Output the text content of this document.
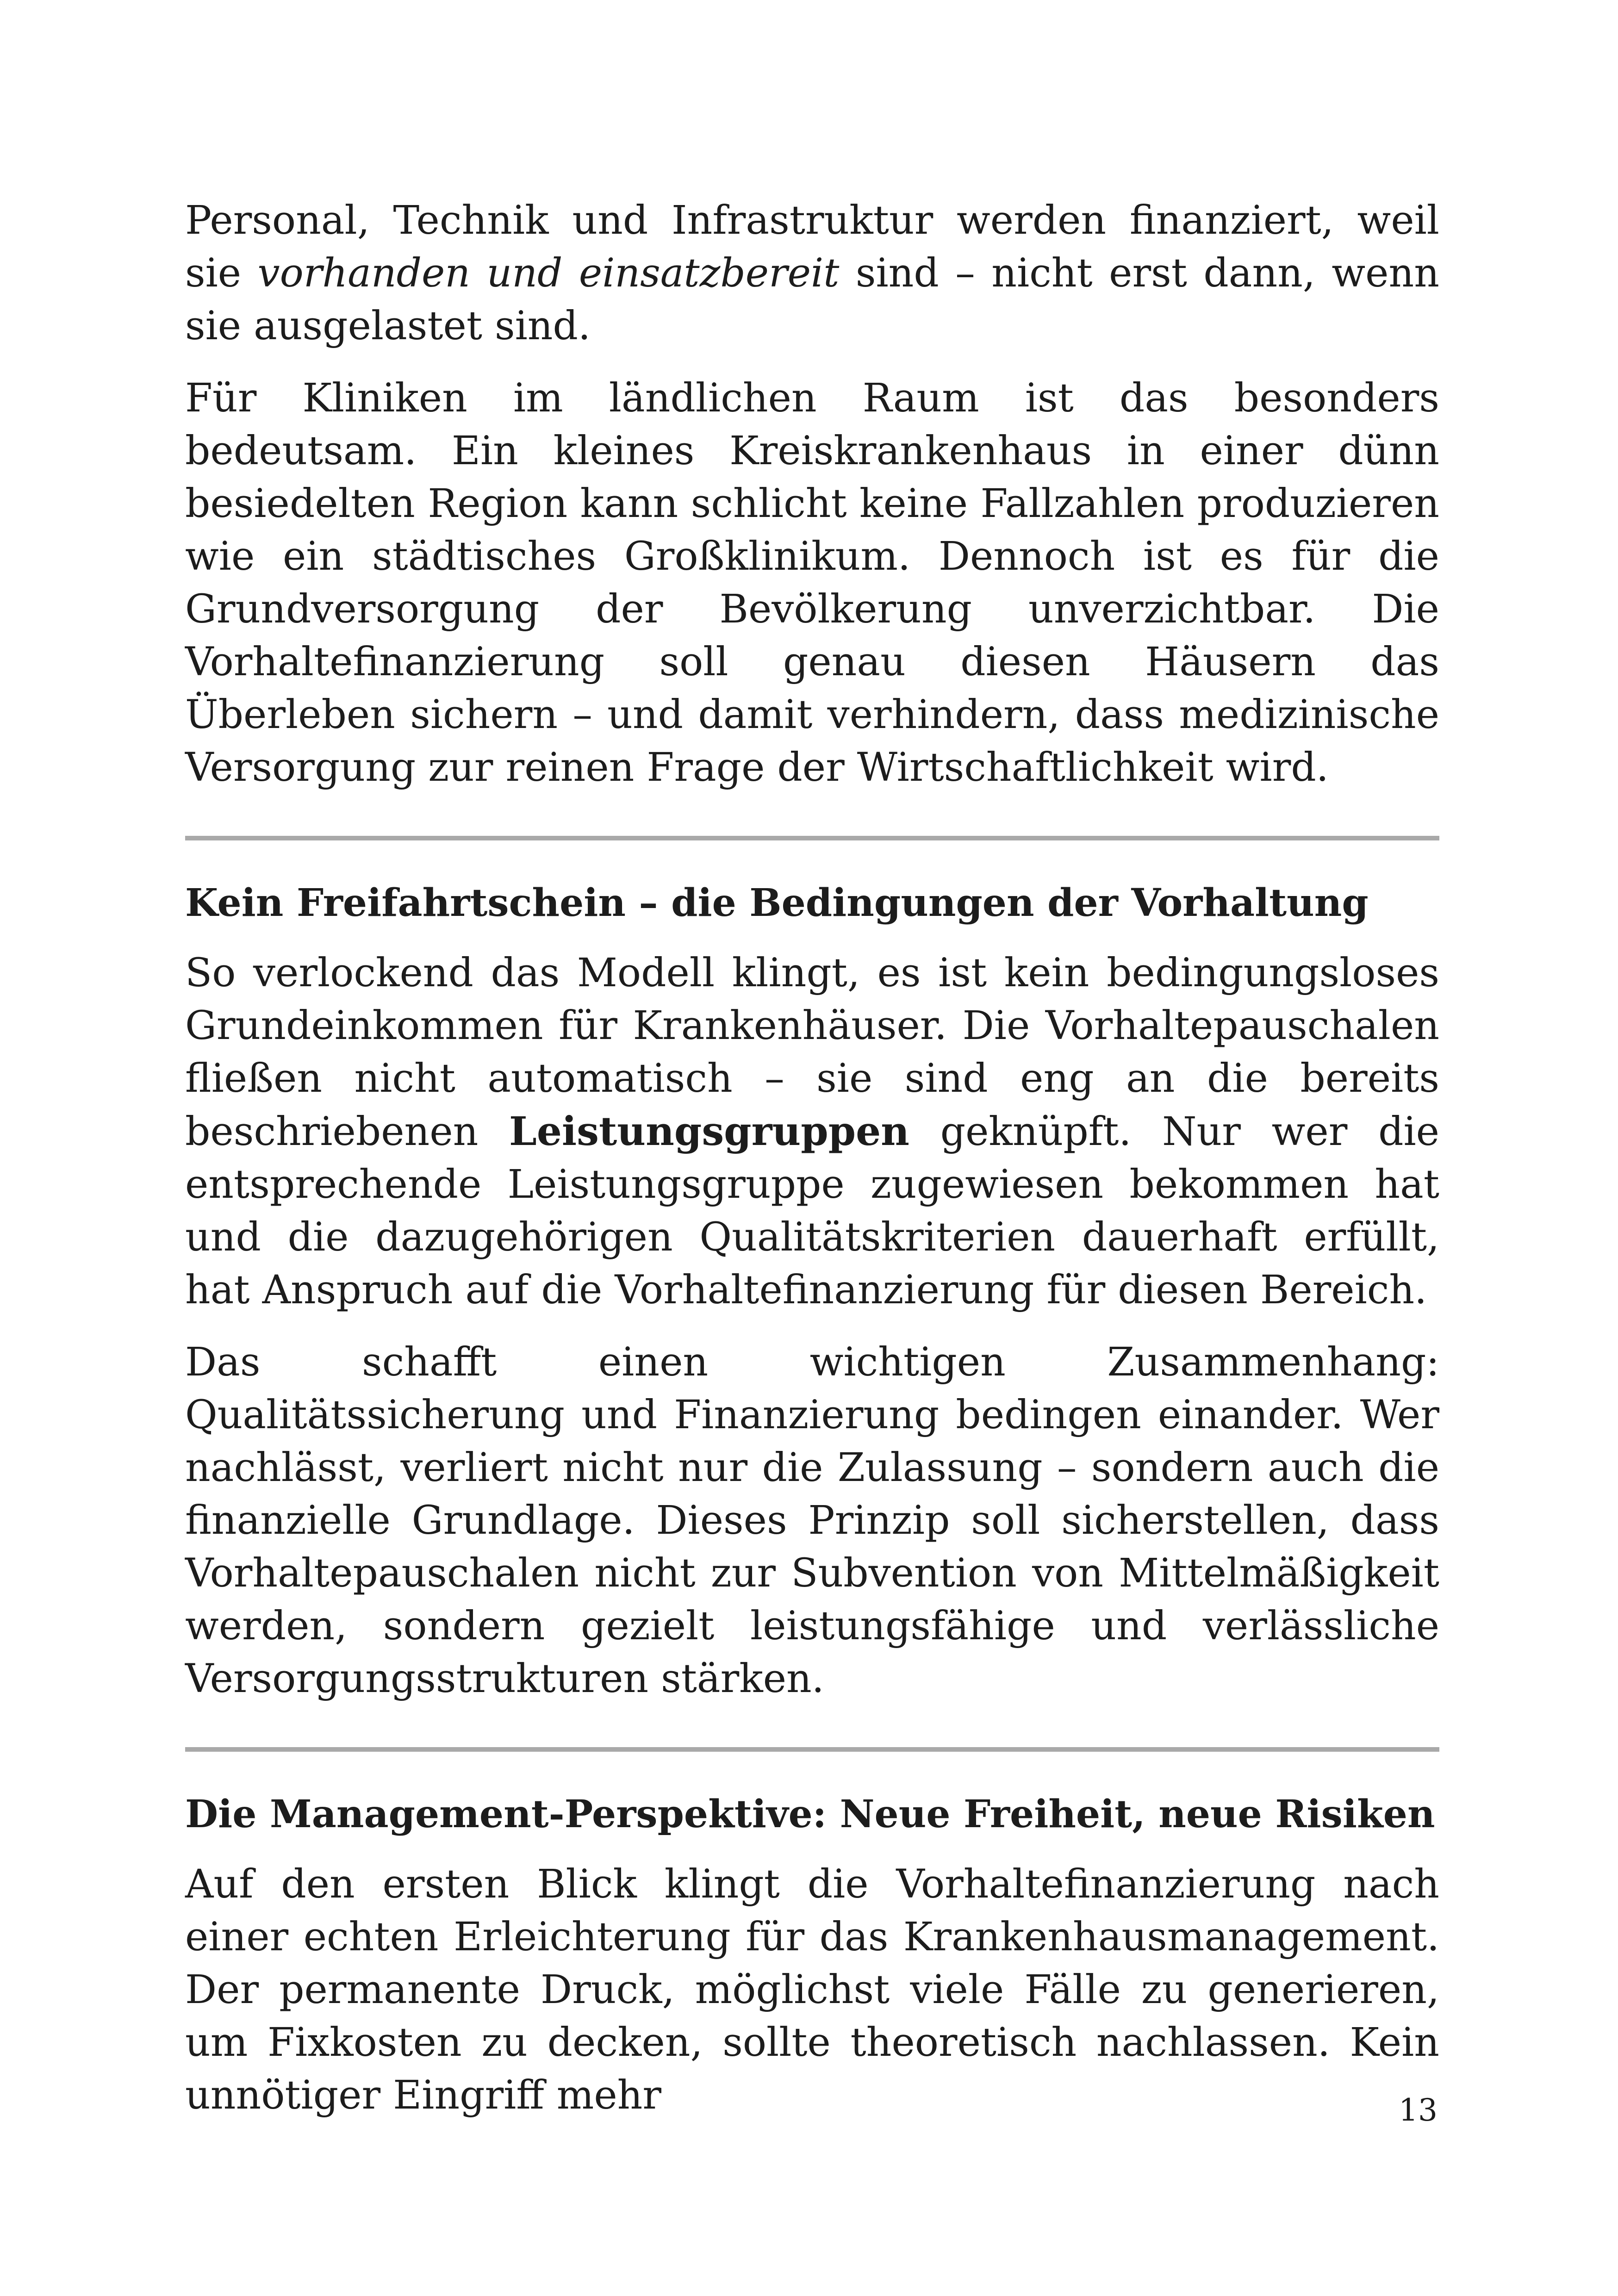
Personal, Technik und Infrastruktur werden finanziert, weil sie vorhanden und einsatzbereit sind – nicht erst dann, wenn sie ausgelastet sind.

Für Kliniken im ländlichen Raum ist das besonders bedeutsam. Ein kleines Kreiskrankenhaus in einer dünn besiedelten Region kann schlicht keine Fallzahlen produzieren wie ein städtisches Großklinikum. Dennoch ist es für die Grundversorgung der Bevölkerung unverzichtbar. Die Vorhaltefinanzierung soll genau diesen Häusern das Überleben sichern – und damit verhindern, dass medizinische Versorgung zur reinen Frage der Wirtschaftlichkeit wird.

Kein Freifahrtschein – die Bedingungen der Vorhaltung

So verlockend das Modell klingt, es ist kein bedingungsloses Grundeinkommen für Krankenhäuser. Die Vorhaltepauschalen fließen nicht automatisch – sie sind eng an die bereits beschriebenen Leistungsgruppen geknüpft. Nur wer die entsprechende Leistungsgruppe zugewiesen bekommen hat und die dazugehörigen Qualitätskriterien dauerhaft erfüllt, hat Anspruch auf die Vorhaltefinanzierung für diesen Bereich.

Das schafft einen wichtigen Zusammenhang: Qualitätssicherung und Finanzierung bedingen einander. Wer nachlässt, verliert nicht nur die Zulassung – sondern auch die finanzielle Grundlage. Dieses Prinzip soll sicherstellen, dass Vorhaltepauschalen nicht zur Subvention von Mittelmäßigkeit werden, sondern gezielt leistungsfähige und verlässliche Versorgungsstrukturen stärken.

Die Management-Perspektive: Neue Freiheit, neue Risiken

Auf den ersten Blick klingt die Vorhaltefinanzierung nach einer echten Erleichterung für das Krankenhausmanagement. Der permanente Druck, möglichst viele Fälle zu generieren, um Fixkosten zu decken, sollte theoretisch nachlassen. Kein unnötiger Eingriff mehr	13
